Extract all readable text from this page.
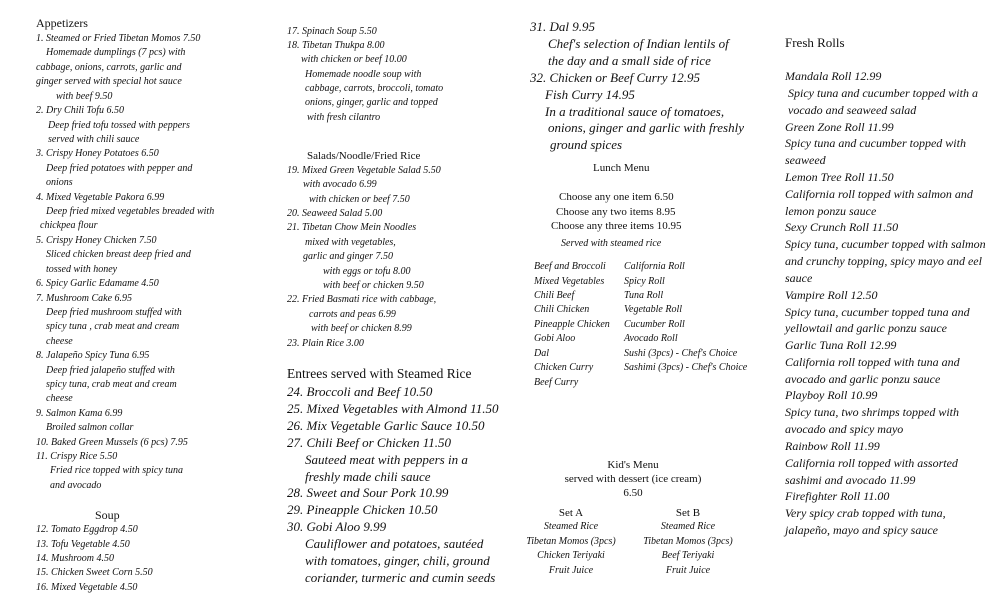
Appetizers
1. Steamed or Fried Tibetan Momos 7.50
Homemade dumplings (7 pcs) with
cabbage, onions, carrots, garlic and
ginger served with special hot sauce
with beef 9.50
2. Dry Chili Tofu 6.50
Deep fried tofu tossed with peppers
served with chili sauce
3. Crispy Honey Potatoes 6.50
Deep fried potatoes with pepper and
onions
4. Mixed Vegetable Pakora 6.99
Deep fried mixed vegetables breaded with
chickpea flour
5. Crispy Honey Chicken 7.50
Sliced chicken breast deep fried and
tossed with honey
6. Spicy Garlic Edamame 4.50
7. Mushroom Cake 6.95
Deep fried mushroom stuffed with
spicy tuna , crab meat and cream
cheese
8. Jalapeño Spicy Tuna 6.95
Deep fried jalapeño stuffed with
spicy tuna, crab meat and cream
cheese
9. Salmon Kama 6.99
Broiled salmon collar
10. Baked Green Mussels (6 pcs) 7.95
11. Crispy Rice 5.50
Fried rice topped with spicy tuna
and avocado
Soup
12. Tomato Eggdrop 4.50
13. Tofu Vegetable 4.50
14. Mushroom 4.50
15. Chicken Sweet Corn 5.50
16. Mixed Vegetable 4.50
17. Spinach Soup 5.50
18. Tibetan Thukpa 8.00
with chicken or beef 10.00
Homemade noodle soup with
cabbage, carrots, broccoli, tomato
onions, ginger, garlic and topped
with fresh cilantro
Salads/Noodle/Fried Rice
19. Mixed Green Vegetable Salad 5.50
with avocado 6.99
with chicken or beef 7.50
20. Seaweed Salad 5.00
21. Tibetan Chow Mein Noodles
mixed with vegetables,
garlic and ginger 7.50
with eggs or tofu 8.00
with beef or chicken 9.50
22. Fried Basmati rice with cabbage,
carrots and peas 6.99
with beef or chicken 8.99
23. Plain Rice 3.00
Entrees served with Steamed Rice
24. Broccoli and Beef 10.50
25. Mixed Vegetables with Almond 11.50
26. Mix Vegetable Garlic Sauce 10.50
27. Chili Beef or Chicken 11.50
Sauteed meat with peppers in a
freshly made chili sauce
28. Sweet and Sour Pork 10.99
29. Pineapple Chicken 10.50
30. Gobi Aloo 9.99
Cauliflower and potatoes, sautéed
with tomatoes, ginger, chili, ground
coriander, turmeric and cumin seeds
31. Dal 9.95
Chef's selection of Indian lentils of
the day and a small side of rice
32. Chicken or Beef Curry 12.95
Fish Curry 14.95
In a traditional sauce of tomatoes,
onions, ginger and garlic with freshly
ground spices
Lunch Menu
Choose any one item 6.50
Choose any two items 8.95
Choose any three items 10.95
Served with steamed rice
Beef and Broccoli
Mixed Vegetables
Chili Beef
Chili Chicken
Pineapple Chicken
Gobi Aloo
Dal
Chicken Curry
Beef Curry
California Roll
Spicy Roll
Tuna Roll
Vegetable Roll
Cucumber Roll
Avocado Roll
Sushi (3pcs) - Chef's Choice
Sashimi (3pcs) - Chef's Choice
Kid's Menu
served with dessert (ice cream)
6.50
Set A
Steamed Rice
Tibetan Momos (3pcs)
Chicken Teriyaki
Fruit Juice
Set B
Steamed Rice
Tibetan Momos (3pcs)
Beef Teriyaki
Fruit Juice
Fresh Rolls
Mandala Roll 12.99
Spicy tuna and cucumber topped with a
vocado and seaweed salad
Green Zone Roll 11.99
Spicy tuna and cucumber topped with
seaweed
Lemon Tree Roll 11.50
California roll topped with salmon and
lemon ponzu sauce
Sexy Crunch Roll 11.50
Spicy tuna, cucumber topped with salmon
and crunchy topping, spicy mayo and eel
sauce
Vampire Roll 12.50
Spicy tuna, cucumber topped tuna and
yellowtail and garlic ponzu sauce
Garlic Tuna Roll 12.99
California roll topped with tuna and
avocado and garlic ponzu sauce
Playboy Roll 10.99
Spicy tuna, two shrimps topped with
avocado and spicy mayo
Rainbow Roll 11.99
California roll topped with assorted
sashimi and avocado 11.99
Firefighter Roll 11.00
Very spicy crab topped with tuna,
jalapeño, mayo and spicy sauce
